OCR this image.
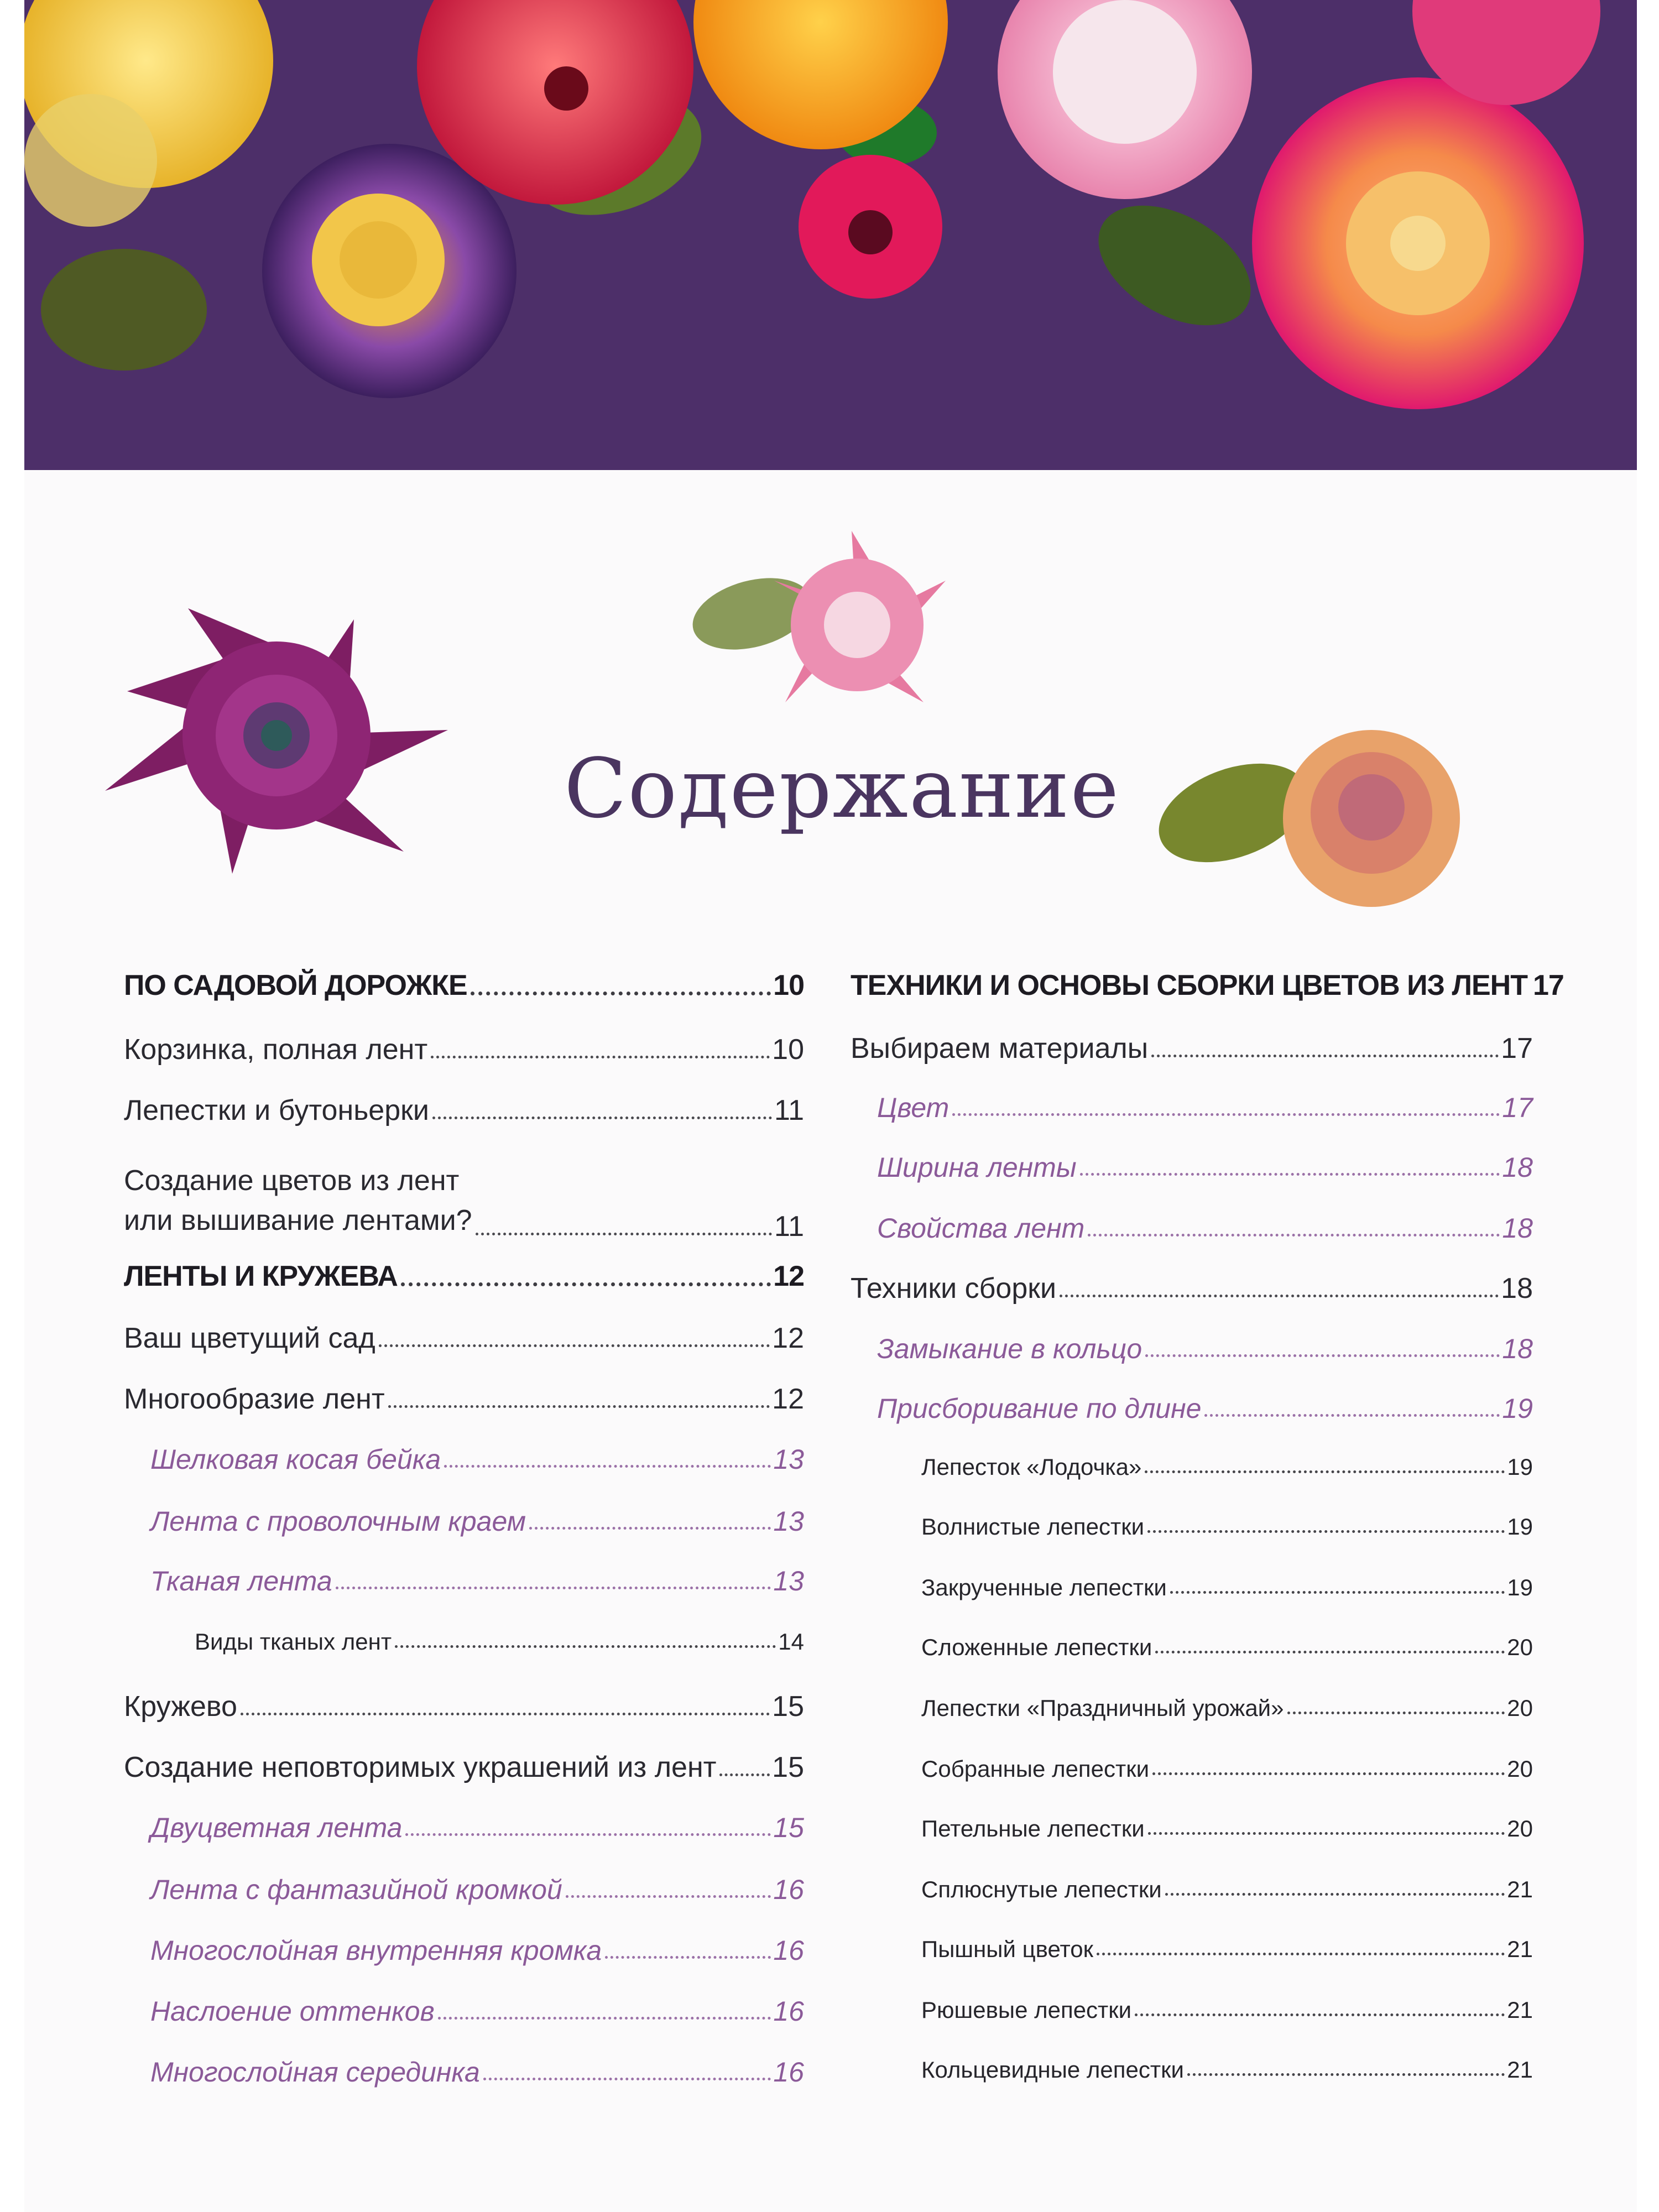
Содержание
ПО САДОВОЙ ДОРОЖКЕ	10
Корзинка, полная лент	10
Лепестки и бутоньерки	11
Создание цветов из лент
или вышивание лентами?	11
ЛЕНТЫ И КРУЖЕВА	12
Ваш цветущий сад	12
Многообразие лент	12
Шелковая косая бейка	13
Лента с проволочным краем	13
Тканая лента	13
Виды тканых лент	14
Кружево	15
Создание неповторимых украшений из лент 15
Двуцветная лента	15
Лента с фантазийной кромкой	16
Многослойная внутренняя кромка	16
Наслоение оттенков	16
Многослойная серединка	16
ТЕХНИКИ И ОСНОВЫ СБОРКИ ЦВЕТОВ ИЗ ЛЕНТ 17
Выбираем материалы	17
Цвет	17
Ширина ленты	18
Свойства лент	18
Техники сборки	18
Замыкание в кольцо	18
Присборивание по длине	19
Лепесток «Лодочка»	19
Волнистые лепестки	19
Закрученные лепестки	19
Сложенные лепестки	20
Лепестки «Праздничный урожай»	20
Собранные лепестки	20
Петельные лепестки	20
Сплюснутые лепестки	21
Пышный цветок	21
Рюшевые лепестки	21
Кольцевидные лепестки	21
